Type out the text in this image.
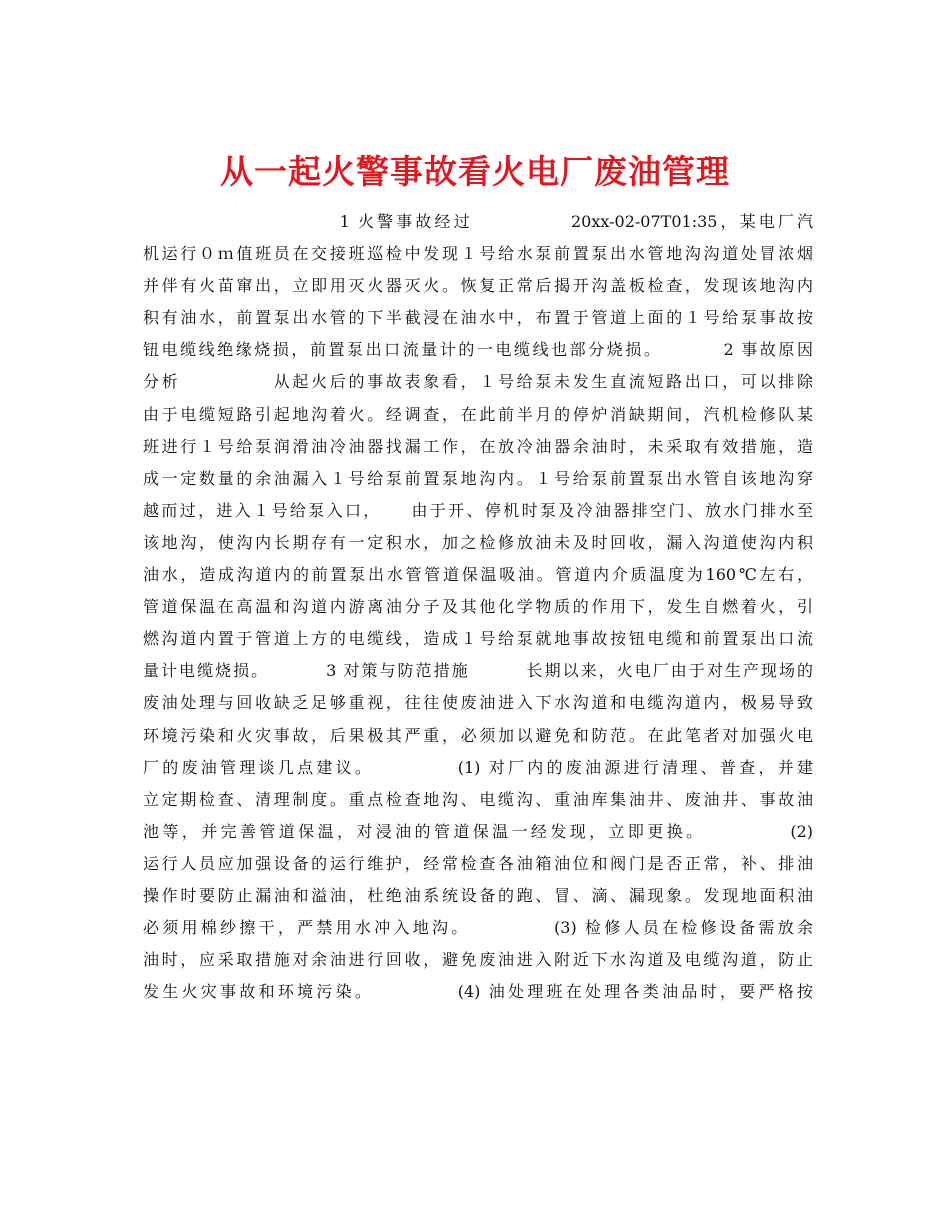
从一起火警事故看火电厂废油管理
1 火警事故经过            20xx-02-07T01:35，某电厂汽
机运行０ｍ值班员在交接班巡检中发现１号给水泵前置泵出水管地沟沟道处冒浓烟
并伴有火苗窜出，立即用灭火器灭火。恢复正常后揭开沟盖板检查，发现该地沟内
积有油水，前置泵出水管的下半截浸在油水中，布置于管道上面的１号给泵事故按
钮电缆线绝缘烧损，前置泵出口流量计的一电缆线也部分烧损。        2 事故原因
分析            从起火后的事故表象看，１号给泵未发生直流短路出口，可以排除
由于电缆短路引起地沟着火。经调查，在此前半月的停炉消缺期间，汽机检修队某
班进行１号给泵润滑油冷油器找漏工作，在放冷油器余油时，未采取有效措施，造
成一定数量的余油漏入１号给泵前置泵地沟内。１号给泵前置泵出水管自该地沟穿
越而过，进入１号给泵入口，    由于开、停机时泵及冷油器排空门、放水门排水至
该地沟，使沟内长期存有一定积水，加之检修放油未及时回收，漏入沟道使沟内积
油水，造成沟道内的前置泵出水管管道保温吸油。管道内介质温度为160℃左右，
管道保温在高温和沟道内游离油分子及其他化学物质的作用下，发生自燃着火，引
燃沟道内置于管道上方的电缆线，造成１号给泵就地事故按钮电缆和前置泵出口流
量计电缆烧损。        3 对策与防范措施        长期以来，火电厂由于对生产现场的
废油处理与回收缺乏足够重视，往往使废油进入下水沟道和电缆沟道内，极易导致
环境污染和火灾事故，后果极其严重，必须加以避免和防范。在此笔者对加强火电
厂的废油管理谈几点建议。          (1) 对厂内的废油源进行清理、普查，并建
立定期检查、清理制度。重点检查地沟、电缆沟、重油库集油井、废油井、事故油
池等，并完善管道保温，对浸油的管道保温一经发现，立即更换。          (2)
运行人员应加强设备的运行维护，经常检查各油箱油位和阀门是否正常，补、排油
操作时要防止漏油和溢油，杜绝油系统设备的跑、冒、滴、漏现象。发现地面积油
必须用棉纱擦干，严禁用水冲入地沟。          (3) 检修人员在检修设备需放余
油时，应采取措施对余油进行回收，避免废油进入附近下水沟道及电缆沟道，防止
发生火灾事故和环境污染。          (4) 油处理班在处理各类油品时，要严格按
